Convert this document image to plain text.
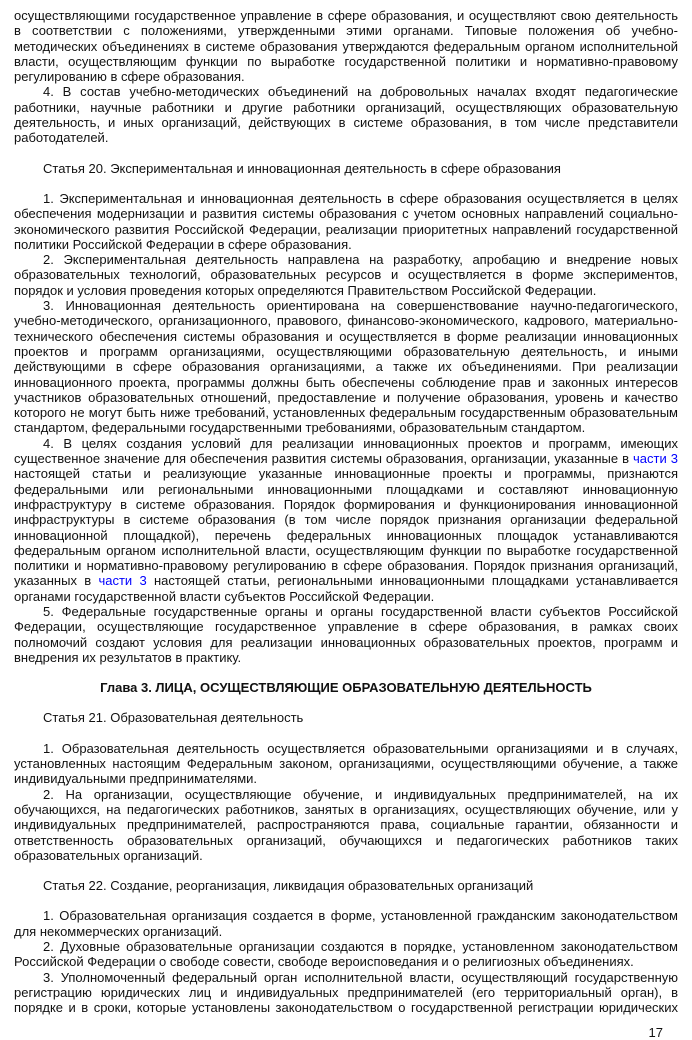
осуществляющими государственное управление в сфере образования, и осуществляют свою деятельность в соответствии с положениями, утвержденными этими органами. Типовые положения об учебно-методических объединениях в системе образования утверждаются федеральным органом исполнительной власти, осуществляющим функции по выработке государственной политики и нормативно-правовому регулированию в сфере образования.
4. В состав учебно-методических объединений на добровольных началах входят педагогические работники, научные работники и другие работники организаций, осуществляющих образовательную деятельность, и иных организаций, действующих в системе образования, в том числе представители работодателей.
Статья 20. Экспериментальная и инновационная деятельность в сфере образования
1. Экспериментальная и инновационная деятельность в сфере образования осуществляется в целях обеспечения модернизации и развития системы образования с учетом основных направлений социально-экономического развития Российской Федерации, реализации приоритетных направлений государственной политики Российской Федерации в сфере образования.
2. Экспериментальная деятельность направлена на разработку, апробацию и внедрение новых образовательных технологий, образовательных ресурсов и осуществляется в форме экспериментов, порядок и условия проведения которых определяются Правительством Российской Федерации.
3. Инновационная деятельность ориентирована на совершенствование научно-педагогического, учебно-методического, организационного, правового, финансово-экономического, кадрового, материально-технического обеспечения системы образования и осуществляется в форме реализации инновационных проектов и программ организациями, осуществляющими образовательную деятельность, и иными действующими в сфере образования организациями, а также их объединениями. При реализации инновационного проекта, программы должны быть обеспечены соблюдение прав и законных интересов участников образовательных отношений, предоставление и получение образования, уровень и качество которого не могут быть ниже требований, установленных федеральным государственным образовательным стандартом, федеральными государственными требованиями, образовательным стандартом.
4. В целях создания условий для реализации инновационных проектов и программ, имеющих существенное значение для обеспечения развития системы образования, организации, указанные в части 3 настоящей статьи и реализующие указанные инновационные проекты и программы, признаются федеральными или региональными инновационными площадками и составляют инновационную инфраструктуру в системе образования. Порядок формирования и функционирования инновационной инфраструктуры в системе образования (в том числе порядок признания организации федеральной инновационной площадкой), перечень федеральных инновационных площадок устанавливаются федеральным органом исполнительной власти, осуществляющим функции по выработке государственной политики и нормативно-правовому регулированию в сфере образования. Порядок признания организаций, указанных в части 3 настоящей статьи, региональными инновационными площадками устанавливается органами государственной власти субъектов Российской Федерации.
5. Федеральные государственные органы и органы государственной власти субъектов Российской Федерации, осуществляющие государственное управление в сфере образования, в рамках своих полномочий создают условия для реализации инновационных образовательных проектов, программ и внедрения их результатов в практику.
Глава 3. ЛИЦА, ОСУЩЕСТВЛЯЮЩИЕ ОБРАЗОВАТЕЛЬНУЮ ДЕЯТЕЛЬНОСТЬ
Статья 21. Образовательная деятельность
1. Образовательная деятельность осуществляется образовательными организациями и в случаях, установленных настоящим Федеральным законом, организациями, осуществляющими обучение, а также индивидуальными предпринимателями.
2. На организации, осуществляющие обучение, и индивидуальных предпринимателей, на их обучающихся, на педагогических работников, занятых в организациях, осуществляющих обучение, или у индивидуальных предпринимателей, распространяются права, социальные гарантии, обязанности и ответственность образовательных организаций, обучающихся и педагогических работников таких образовательных организаций.
Статья 22. Создание, реорганизация, ликвидация образовательных организаций
1. Образовательная организация создается в форме, установленной гражданским законодательством для некоммерческих организаций.
2. Духовные образовательные организации создаются в порядке, установленном законодательством Российской Федерации о свободе совести, свободе вероисповедания и о религиозных объединениях.
3. Уполномоченный федеральный орган исполнительной власти, осуществляющий государственную регистрацию юридических лиц и индивидуальных предпринимателей (его территориальный орган), в порядке и в сроки, которые установлены законодательством о государственной регистрации юридических
17
